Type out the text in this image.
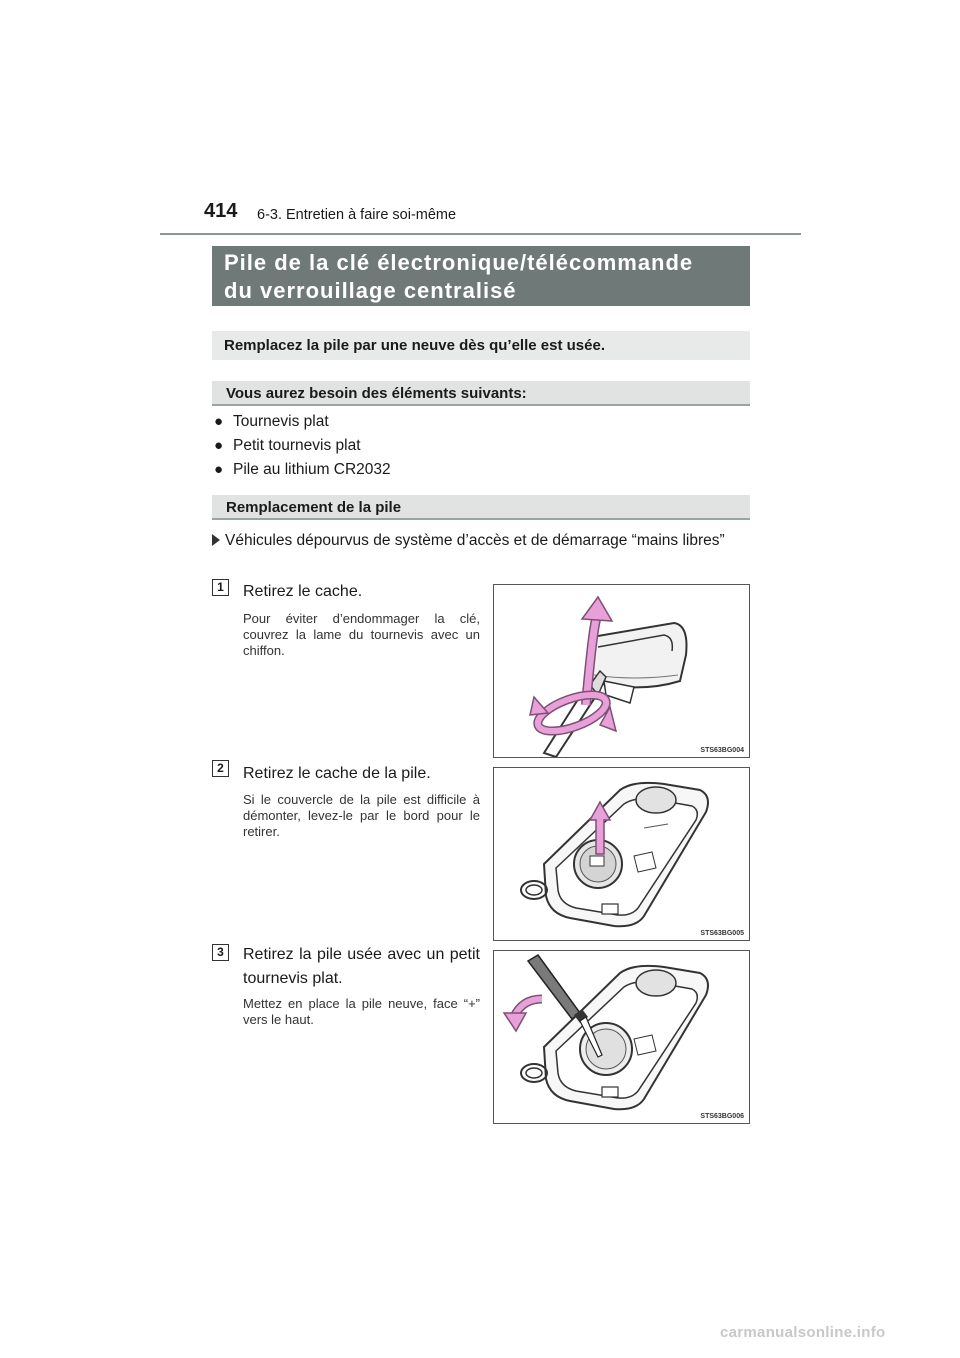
414 6-3. Entretien à faire soi-même
Pile de la clé électronique/télécommande
du verrouillage centralisé
Remplacez la pile par une neuve dès qu’elle est usée.
Vous aurez besoin des éléments suivants:
● Tournevis plat
● Petit tournevis plat
● Pile au lithium CR2032
Remplacement de la pile
Véhicules dépourvus de système d’accès et de démarrage “mains libres”
1	Retirez le cache.
Pour éviter d’endommager la clé, couvrez la lame du tournevis avec un chiffon.
STS63BG004
2	Retirez le cache de la pile.
Si le couvercle de la pile est difficile à démonter, levez-le par le bord pour le retirer.
STS63BG005
3	Retirez la pile usée avec un petit tournevis plat.
Mettez en place la pile neuve, face “+” vers le haut.
STS63BG006
carmanualsonline.info
